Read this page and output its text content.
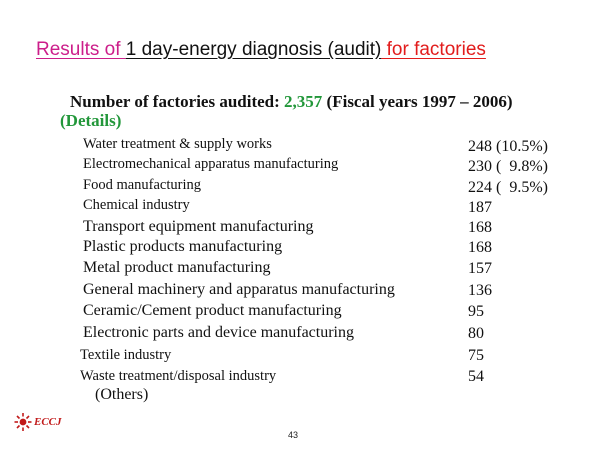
Results of 1 day-energy diagnosis (audit) for factories
Number of factories audited: 2,357 (Fiscal years 1997 – 2006)
(Details)
Water treatment & supply works	248 (10.5%)
Electromechanical apparatus manufacturing	230 (  9.8%)
Food manufacturing	224 (  9.5%)
Chemical industry	187
Transport equipment manufacturing	168
Plastic products manufacturing	168
Metal product manufacturing	157
General machinery and apparatus manufacturing	136
Ceramic/Cement product manufacturing	95
Electronic parts and device manufacturing	80
Textile industry	75
Waste treatment/disposal industry	54
(Others)
ECCJ
43
